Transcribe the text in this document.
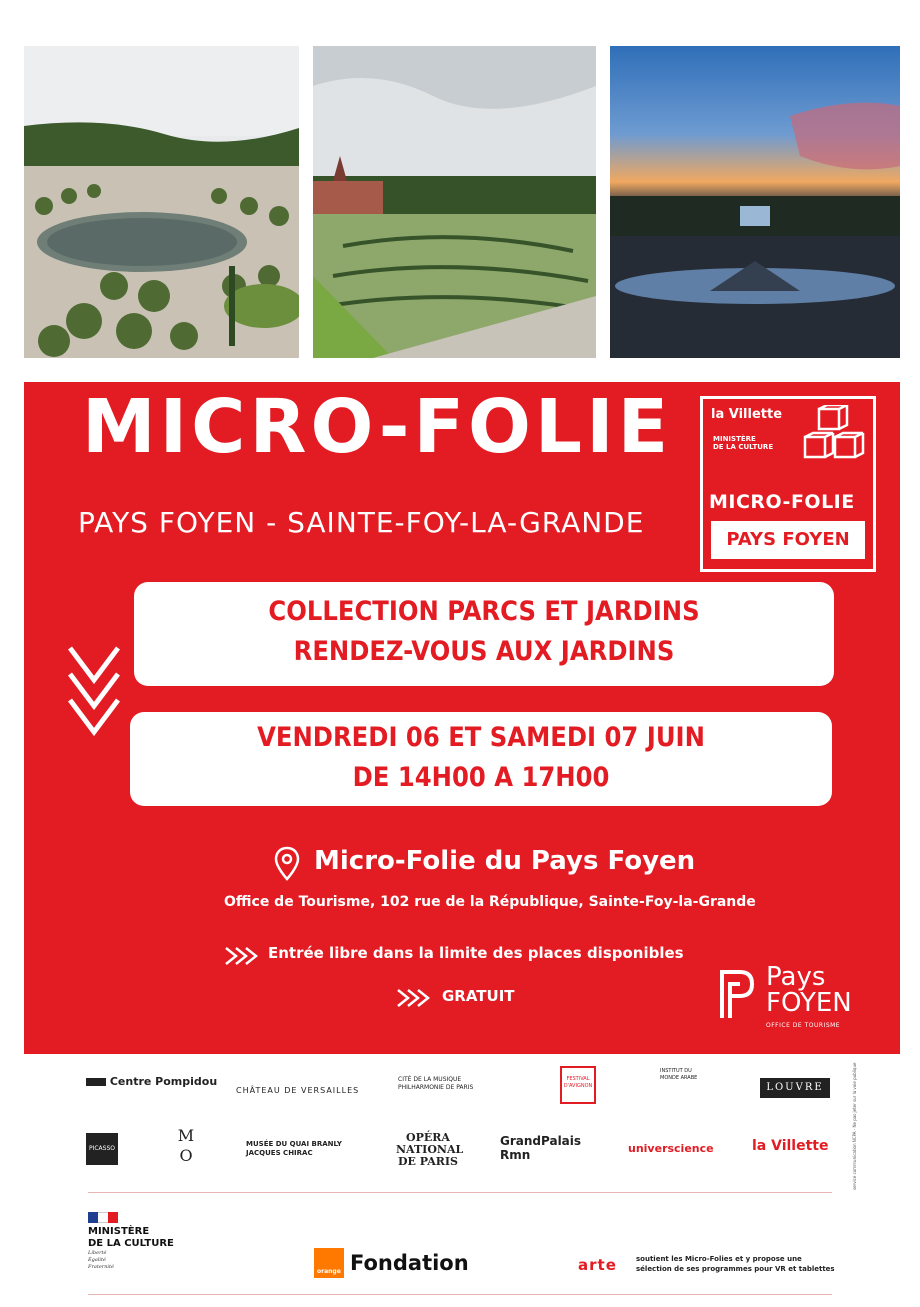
MICRO-FOLIE
PAYS FOYEN - SAINTE-FOY-LA-GRANDE
la Villette
MINISTÈRE
DE LA CULTURE
MICRO-FOLIE
PAYS FOYEN
COLLECTION PARCS ET JARDINS
RENDEZ-VOUS AUX JARDINS
VENDREDI 06 ET SAMEDI 07 JUIN
DE 14H00 A 17H00
Micro-Folie du Pays Foyen
Office de Tourisme, 102 rue de la République, Sainte-Foy-la-Grande
Entrée libre dans la limite des places disponibles
GRATUIT
Pays
FOYEN
OFFICE DE TOURISME
Centre Pompidou
CHÂTEAU DE VERSAILLES
CITÉ DE LA MUSIQUE PHILHARMONIE DE PARIS
FESTIVAL D'AVIGNON
INSTITUT DU MONDE ARABE
LOUVRE
PICASSO
M O
MUSÉE DU QUAI BRANLY JACQUES CHIRAC
OPÉRA NATIONAL DE PARIS
GrandPalais Rmn	universcience	la Villette
MINISTÈRE
DE LA CULTURE
Liberté
Égalité
Fraternité
orange Fondation	arte	soutient les Micro-Folies et y propose une sélection de ses programmes pour VR et tablettes
service communication NCPA - Ne pas jeter sur la voie publique
